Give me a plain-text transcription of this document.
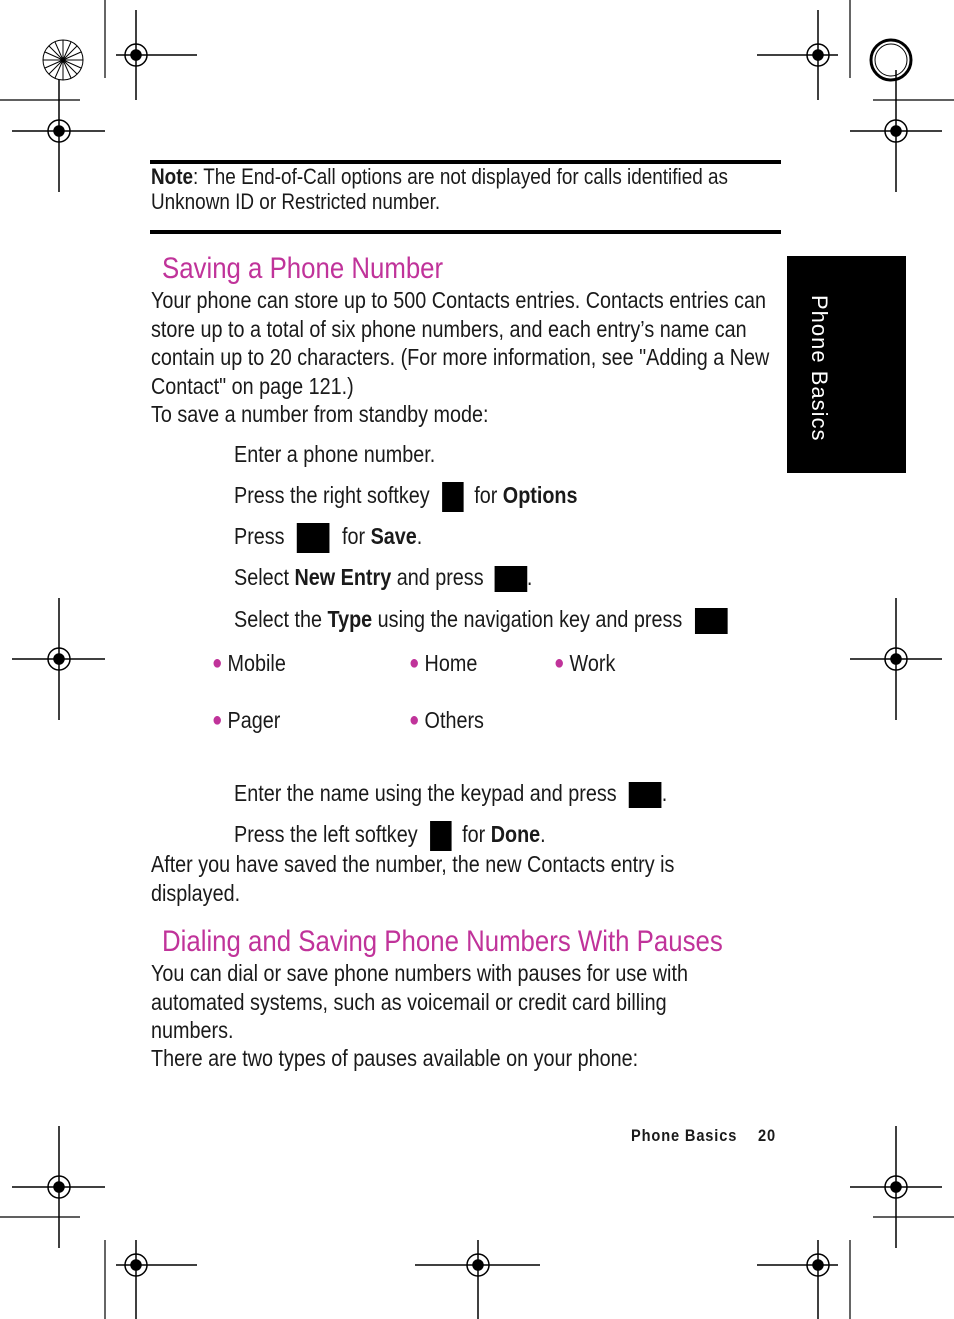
Note: The End-of-Call options are not displayed for calls identified as Unknown ID or Restricted number.
Saving a Phone Number
Your phone can store up to 500 Contacts entries. Contacts entries can store up to a total of six phone numbers, and each entry’s name can contain up to 20 characters. (For more information, see "Adding a New Contact" on page 121.)
To save a number from standby mode:
Enter a phone number.
Press the right softkey for Options
Press for Save.
Select New Entry and press .
Select the Type using the navigation key and press
● Mobile	● Home	● Work
● Pager	● Others
Enter the name using the keypad and press .
Press the left softkey for Done.
After you have saved the number, the new Contacts entry is displayed.
Dialing and Saving Phone Numbers With Pauses
You can dial or save phone numbers with pauses for use with automated systems, such as voicemail or credit card billing numbers.
There are two types of pauses available on your phone:
Phone Basics
Phone Basics	20
